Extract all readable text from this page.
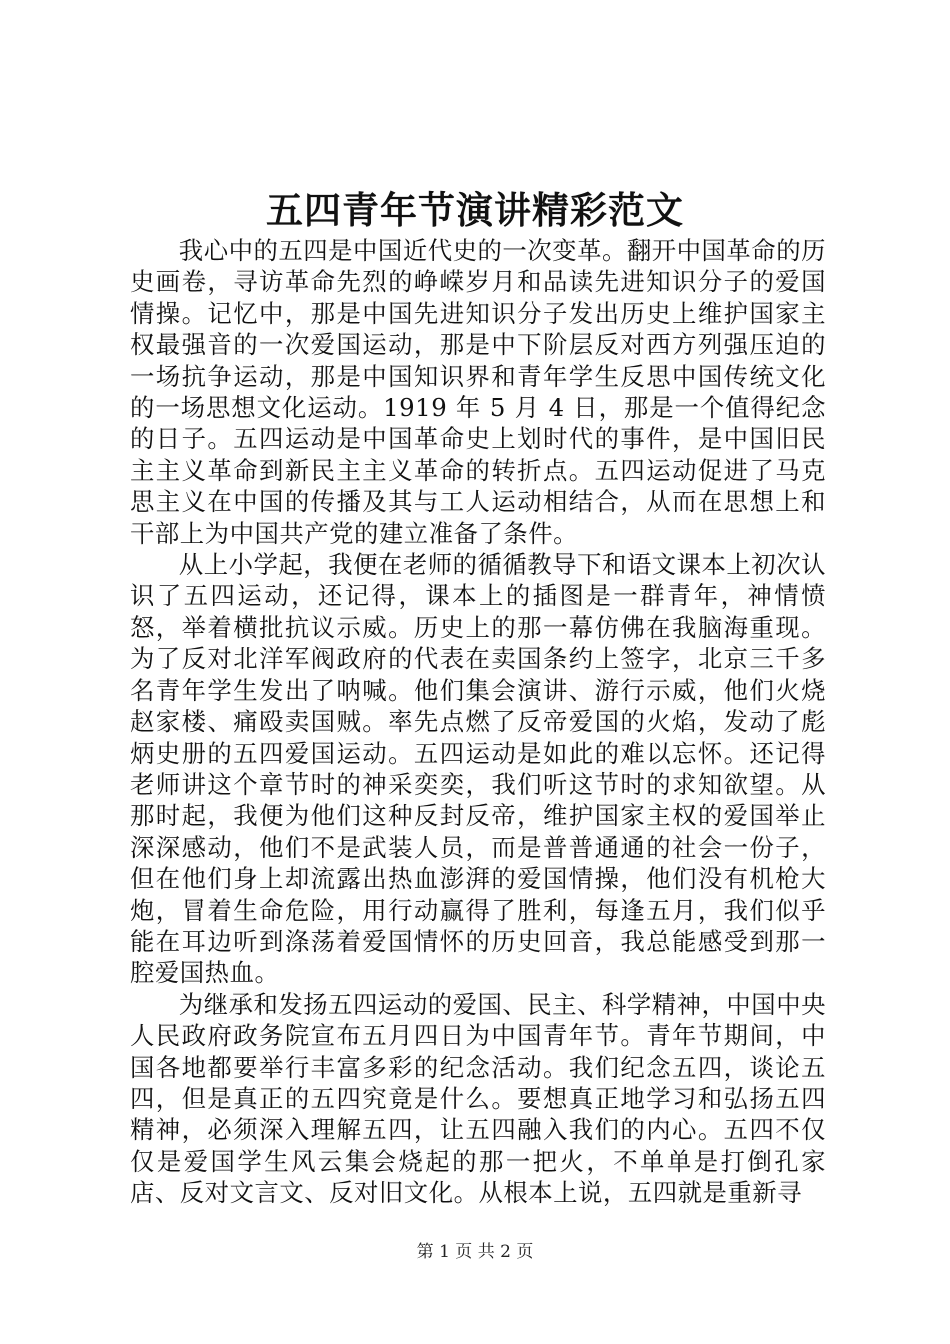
五四青年节演讲精彩范文

我心中的五四是中国近代史的一次变革。翻开中国革命的历史画卷，寻访革命先烈的峥嵘岁月和品读先进知识分子的爱国情操。记忆中，那是中国先进知识分子发出历史上维护国家主权最强音的一次爱国运动，那是中下阶层反对西方列强压迫的一场抗争运动，那是中国知识界和青年学生反思中国传统文化的一场思想文化运动。1919 年 5 月 4 日，那是一个值得纪念的日子。五四运动是中国革命史上划时代的事件，是中国旧民主主义革命到新民主主义革命的转折点。五四运动促进了马克思主义在中国的传播及其与工人运动相结合，从而在思想上和干部上为中国共产党的建立准备了条件。

从上小学起，我便在老师的循循教导下和语文课本上初次认识了五四运动，还记得，课本上的插图是一群青年，神情愤怒，举着横批抗议示威。历史上的那一幕仿佛在我脑海重现。为了反对北洋军阀政府的代表在卖国条约上签字，北京三千多名青年学生发出了呐喊。他们集会演讲、游行示威，他们火烧赵家楼、痛殴卖国贼。率先点燃了反帝爱国的火焰，发动了彪炳史册的五四爱国运动。五四运动是如此的难以忘怀。还记得老师讲这个章节时的神采奕奕，我们听这节时的求知欲望。从那时起，我便为他们这种反封反帝，维护国家主权的爱国举止深深感动，他们不是武装人员，而是普普通通的社会一份子，但在他们身上却流露出热血澎湃的爱国情操，他们没有机枪大炮，冒着生命危险，用行动赢得了胜利，每逢五月，我们似乎能在耳边听到涤荡着爱国情怀的历史回音，我总能感受到那一腔爱国热血。

为继承和发扬五四运动的爱国、民主、科学精神，中国中央人民政府政务院宣布五月四日为中国青年节。青年节期间，中国各地都要举行丰富多彩的纪念活动。我们纪念五四，谈论五四，但是真正的五四究竟是什么。要想真正地学习和弘扬五四精神，必须深入理解五四，让五四融入我们的内心。五四不仅仅是爱国学生风云集会烧起的那一把火，不单单是打倒孔家店、反对文言文、反对旧文化。从根本上说，五四就是重新寻

第 1 页 共 2 页
